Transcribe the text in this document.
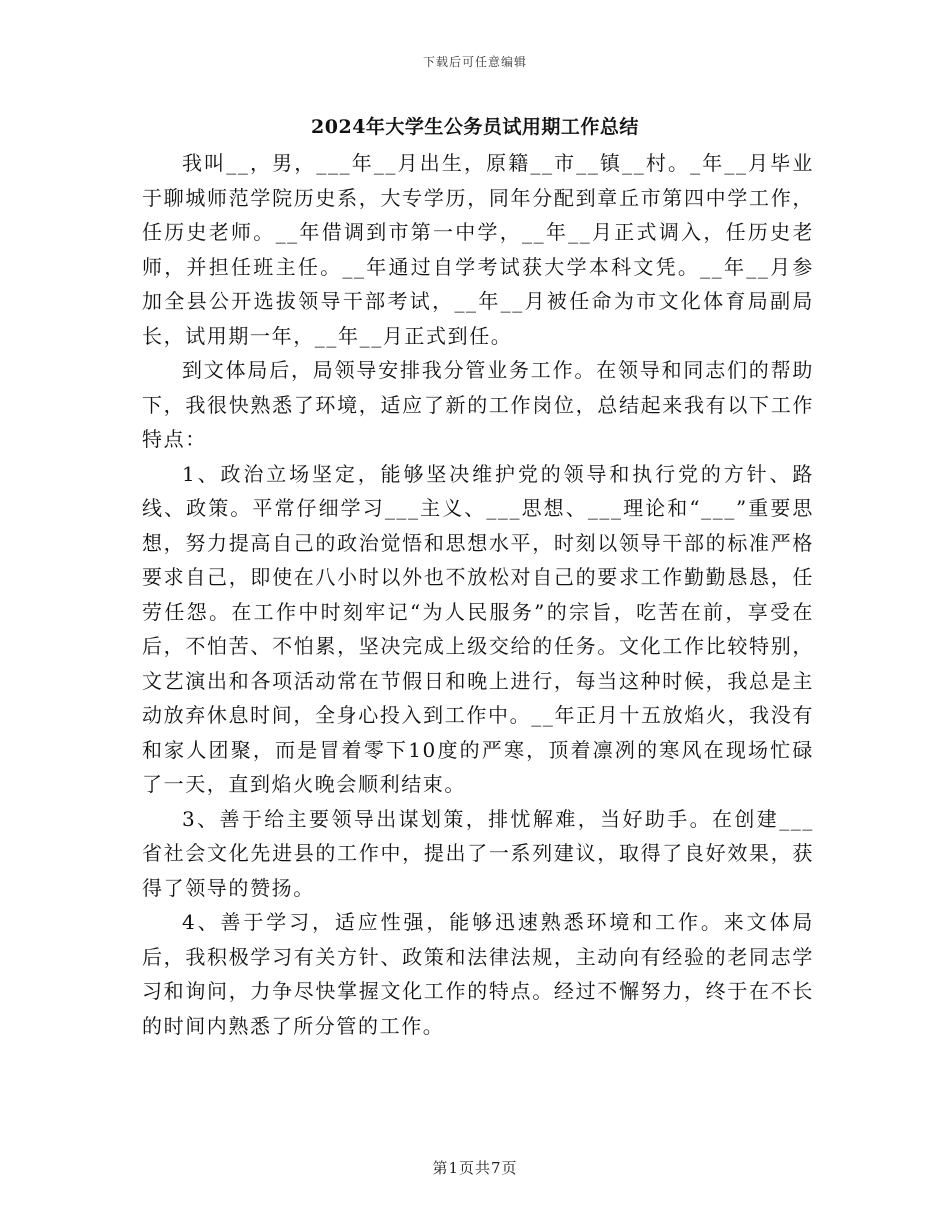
下载后可任意编辑
2024年大学生公务员试用期工作总结

我叫__，男，___年__月出生，原籍__市__镇__村。_年__月毕业于聊城师范学院历史系，大专学历，同年分配到章丘市第四中学工作，任历史老师。__年借调到市第一中学，__年__月正式调入，任历史老师，并担任班主任。__年通过自学考试获大学本科文凭。__年__月参加全县公开选拔领导干部考试，__年__月被任命为市文化体育局副局长，试用期一年，__年__月正式到任。

到文体局后，局领导安排我分管业务工作。在领导和同志们的帮助下，我很快熟悉了环境，适应了新的工作岗位，总结起来我有以下工作特点：

1、政治立场坚定，能够坚决维护党的领导和执行党的方针、路线、政策。平常仔细学习___主义、___思想、___理论和“___”重要思想，努力提高自己的政治觉悟和思想水平，时刻以领导干部的标准严格要求自己，即使在八小时以外也不放松对自己的要求工作勤勤恳恳，任劳任怨。在工作中时刻牢记“为人民服务”的宗旨，吃苦在前，享受在后，不怕苦、不怕累，坚决完成上级交给的任务。文化工作比较特别，文艺演出和各项活动常在节假日和晚上进行，每当这种时候，我总是主动放弃休息时间，全身心投入到工作中。__年正月十五放焰火，我没有和家人团聚，而是冒着零下10度的严寒，顶着凛冽的寒风在现场忙碌了一天，直到焰火晚会顺利结束。

3、善于给主要领导出谋划策，排忧解难，当好助手。在创建___省社会文化先进县的工作中，提出了一系列建议，取得了良好效果，获得了领导的赞扬。

4、善于学习，适应性强，能够迅速熟悉环境和工作。来文体局后，我积极学习有关方针、政策和法律法规，主动向有经验的老同志学习和询问，力争尽快掌握文化工作的特点。经过不懈努力，终于在不长的时间内熟悉了所分管的工作。

第1页共7页
